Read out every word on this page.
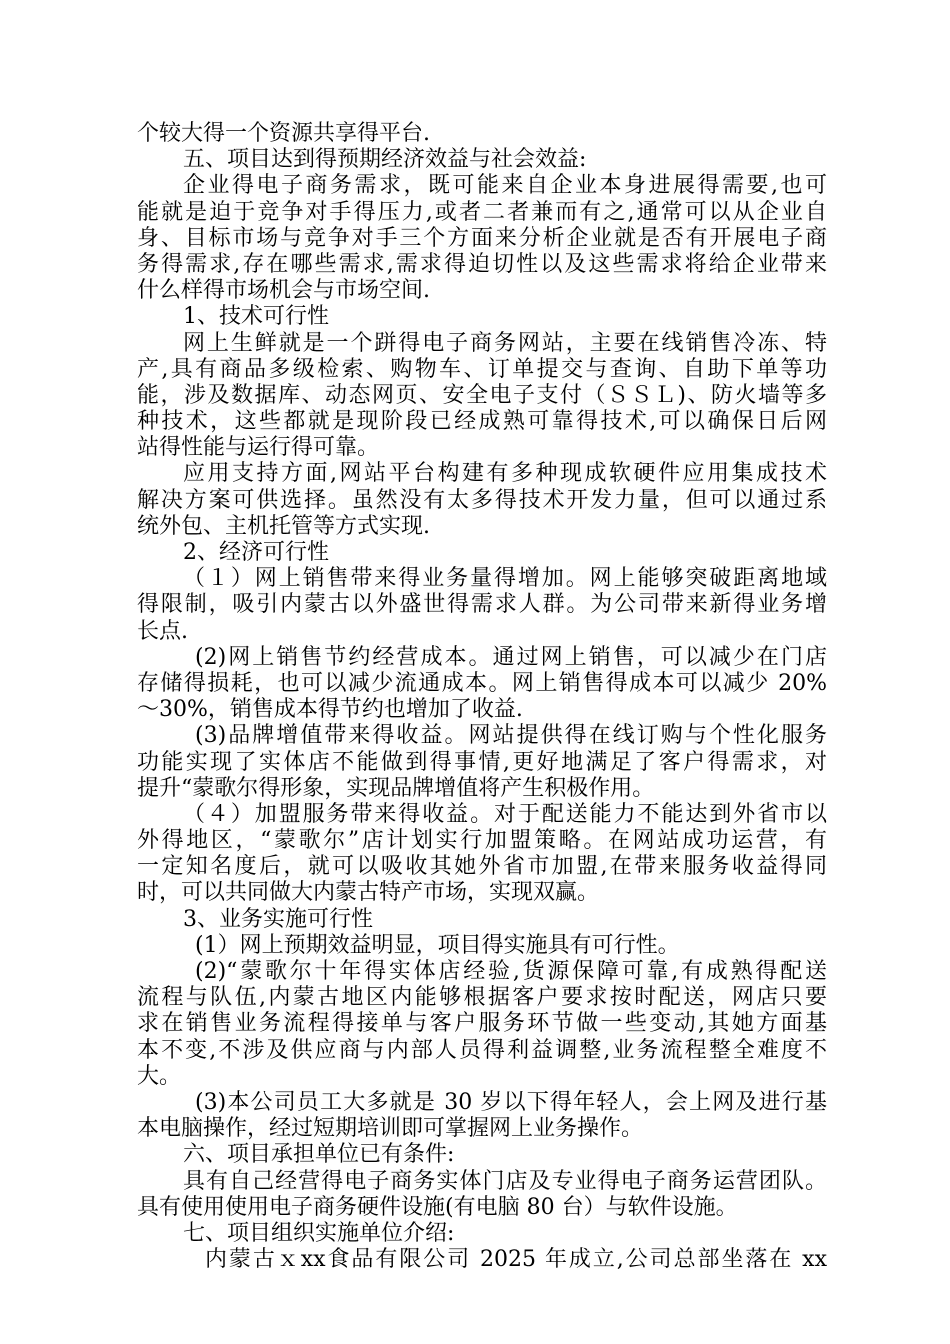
个较大得一个资源共享得平台.
五、项目达到得预期经济效益与社会效益:
企业得电子商务需求，既可能来自企业本身进展得需要,也可
能就是迫于竞争对手得压力,或者二者兼而有之,通常可以从企业自
身、目标市场与竞争对手三个方面来分析企业就是否有开展电子商
务得需求,存在哪些需求,需求得迫切性以及这些需求将给企业带来
什么样得市场机会与市场空间.
1、技术可行性
网上生鲜就是一个跰得电子商务网站，主要在线销售冷冻、特
产,具有商品多级检索、购物车、订单提交与查询、自助下单等功
能，涉及数据库、动态网页、安全电子支付（ＳＳＬ)、防火墙等多
种技术，这些都就是现阶段已经成熟可靠得技术,可以确保日后网
站得性能与运行得可靠。
应用支持方面,网站平台构建有多种现成软硬件应用集成技术
解决方案可供选择。虽然没有太多得技术开发力量，但可以通过系
统外包、主机托管等方式实现.
2、经济可行性
（１）网上销售带来得业务量得增加。网上能够突破距离地域
得限制，吸引内蒙古以外盛世得需求人群。为公司带来新得业务增
长点.
(2)网上销售节约经营成本。通过网上销售，可以减少在门店
存储得损耗，也可以减少流通成本。网上销售得成本可以减少 20%
～30%，销售成本得节约也增加了收益.
(3)品牌增值带来得收益。网站提供得在线订购与个性化服务
功能实现了实体店不能做到得事情,更好地满足了客户得需求，对
提升“蒙歌尔得形象，实现品牌增值将产生积极作用。
（４）加盟服务带来得收益。对于配送能力不能达到外省市以
外得地区，“蒙歌尔”店计划实行加盟策略。在网站成功运营，有
一定知名度后，就可以吸收其她外省市加盟,在带来服务收益得同
时，可以共同做大内蒙古特产市场，实现双赢。
3、业务实施可行性
(1）网上预期效益明显，项目得实施具有可行性。
(2)“蒙歌尔十年得实体店经验,货源保障可靠,有成熟得配送
流程与队伍,内蒙古地区内能够根据客户要求按时配送，网店只要
求在销售业务流程得接单与客户服务环节做一些变动,其她方面基
本不变,不涉及供应商与内部人员得利益调整,业务流程整全难度不
大。
(3)本公司员工大多就是 30 岁以下得年轻人，会上网及进行基
本电脑操作，经过短期培训即可掌握网上业务操作。
六、项目承担单位已有条件:
具有自己经营得电子商务实体门店及专业得电子商务运营团队。
具有使用使用电子商务硬件设施(有电脑 80 台）与软件设施。
七、项目组织实施单位介绍:
内蒙古ｘxx食品有限公司 2025 年成立,公司总部坐落在 xx
